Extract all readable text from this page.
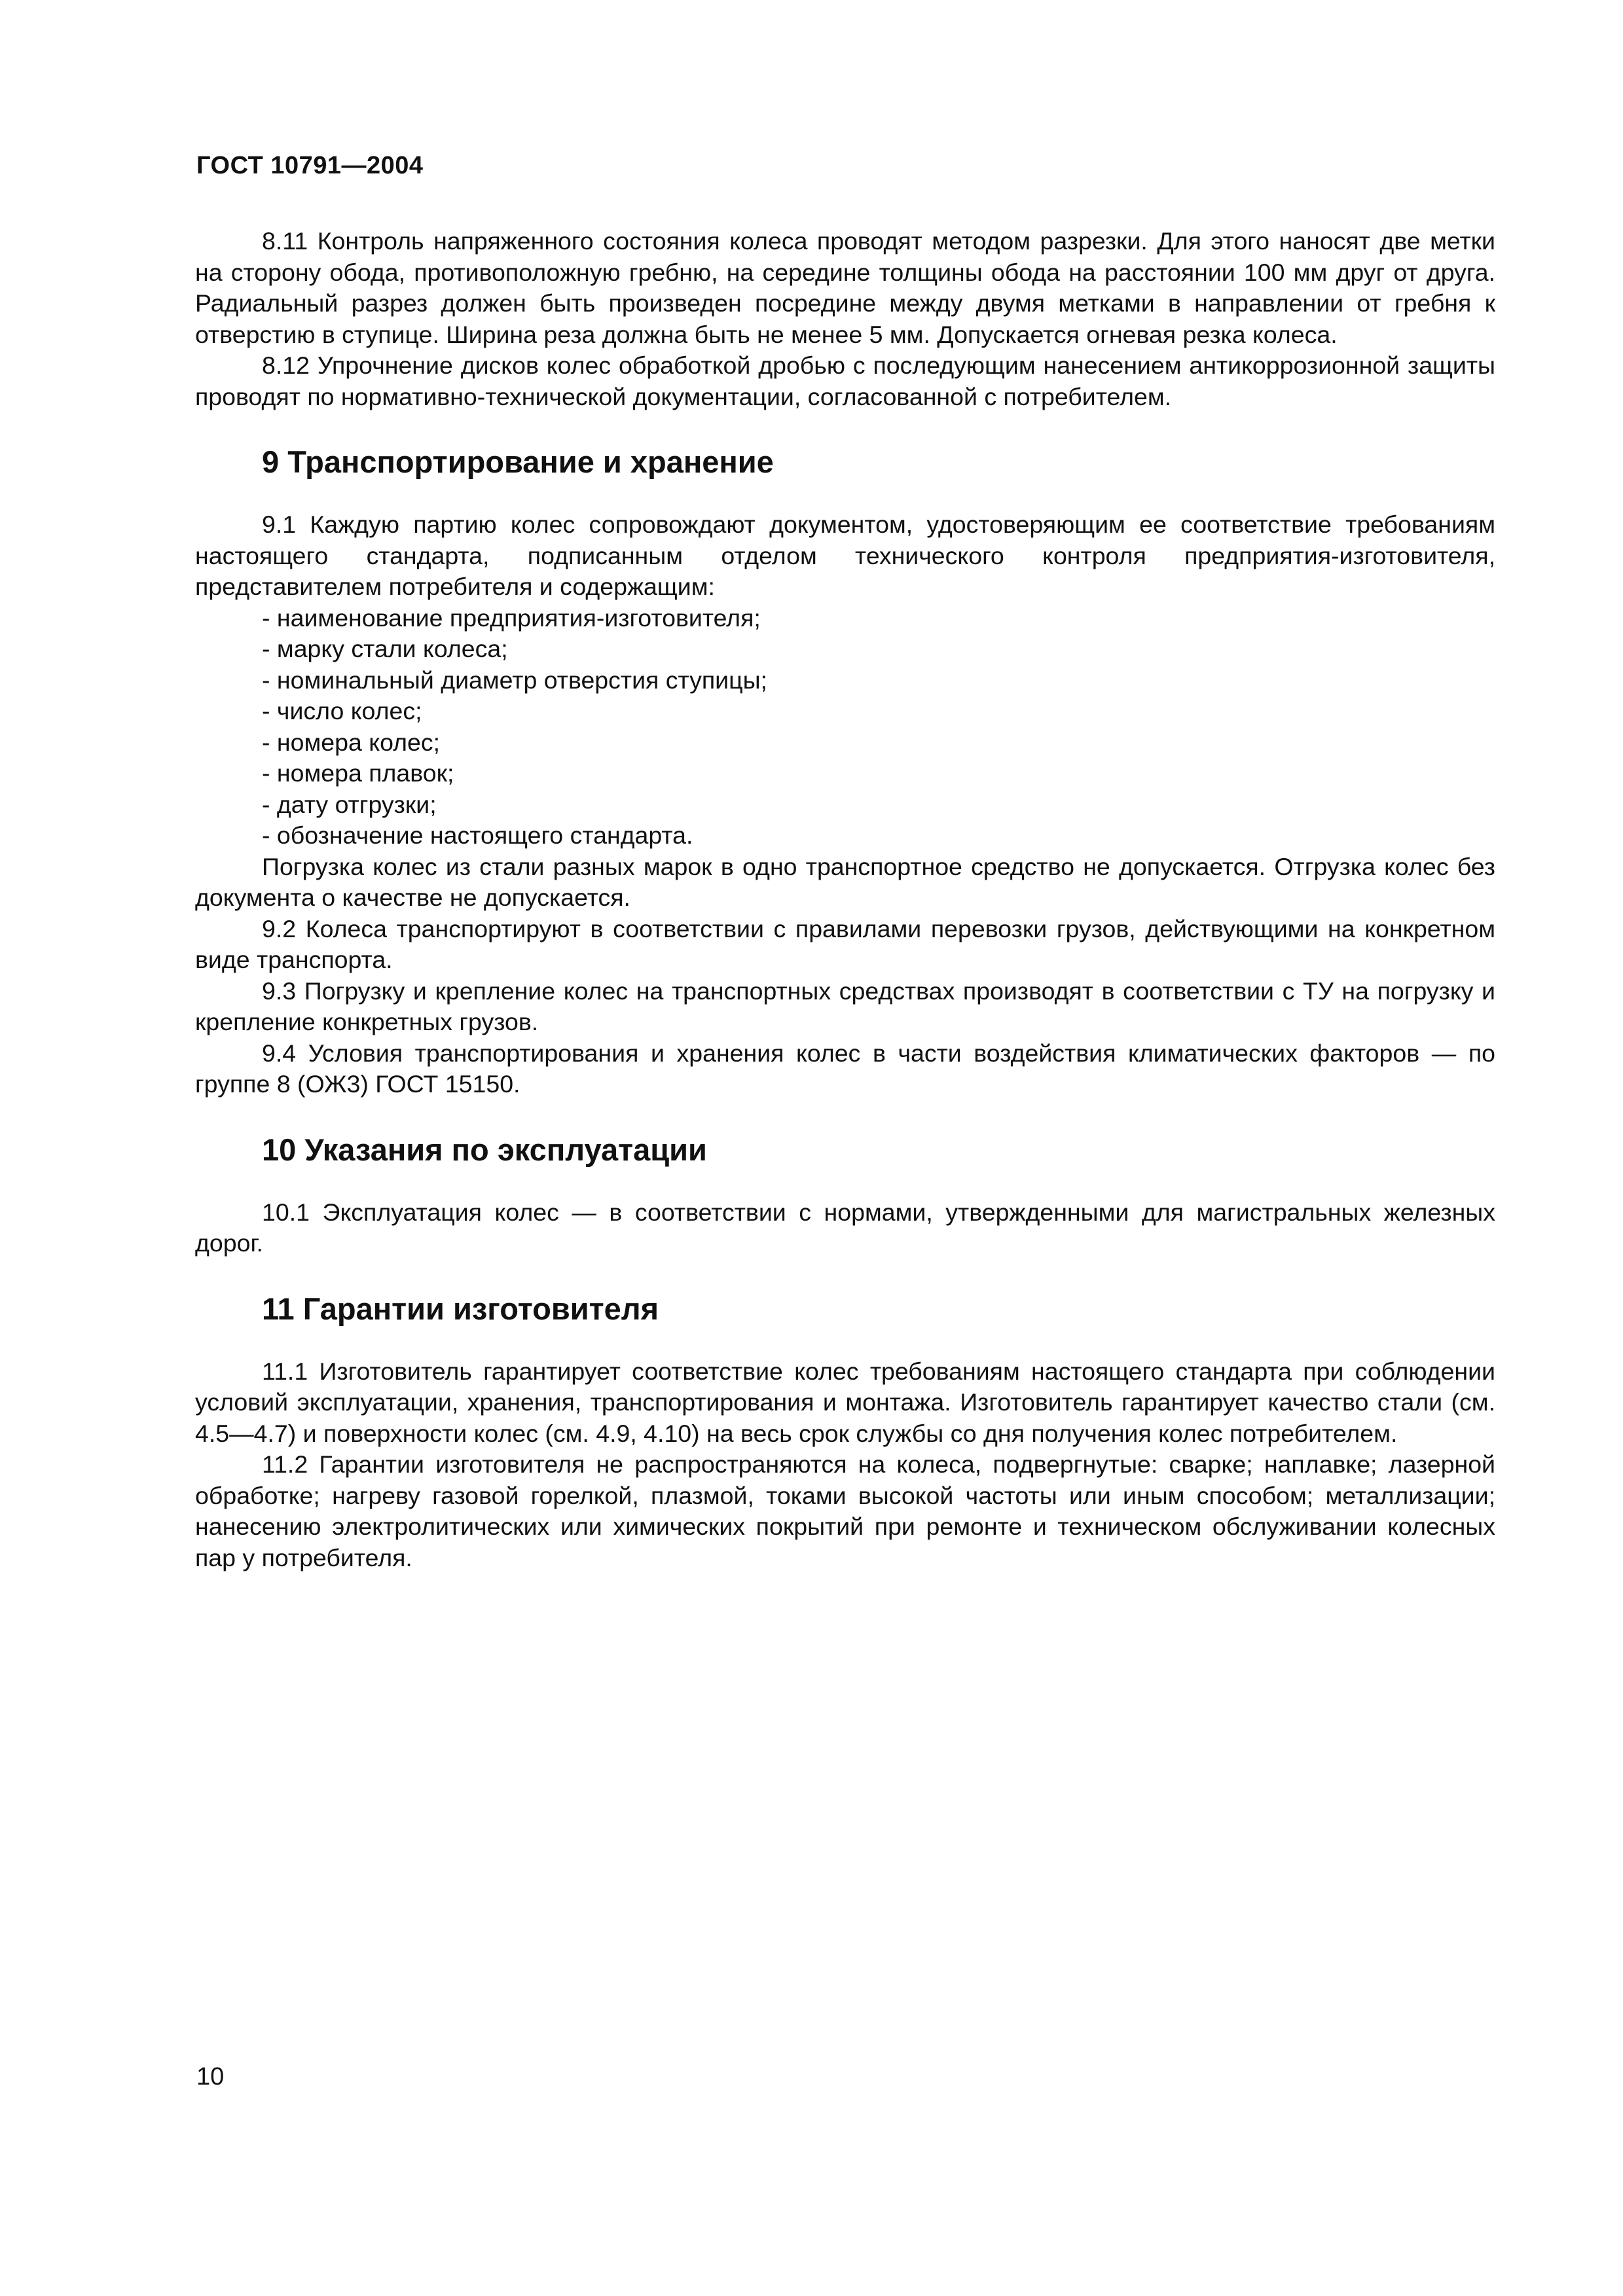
ГОСТ 10791—2004

8.11 Контроль напряженного состояния колеса проводят методом разрезки. Для этого наносят две метки на сторону обода, противоположную гребню, на середине толщины обода на расстоянии 100 мм друг от друга. Радиальный разрез должен быть произведен посредине между двумя метками в направлении от гребня к отверстию в ступице. Ширина реза должна быть не менее 5 мм. Допускается огневая резка колеса.

8.12 Упрочнение дисков колес обработкой дробью с последующим нанесением антикоррозионной защиты проводят по нормативно-технической документации, согласованной с потребителем.

9 Транспортирование и хранение

9.1 Каждую партию колес сопровождают документом, удостоверяющим ее соответствие требованиям настоящего стандарта, подписанным отделом технического контроля предприятия-изготовителя, представителем потребителя и содержащим:

- наименование предприятия-изготовителя;
- марку стали колеса;
- номинальный диаметр отверстия ступицы;
- число колес;
- номера колес;
- номера плавок;
- дату отгрузки;
- обозначение настоящего стандарта.

Погрузка колес из стали разных марок в одно транспортное средство не допускается. Отгрузка колес без документа о качестве не допускается.

9.2 Колеса транспортируют в соответствии с правилами перевозки грузов, действующими на конкретном виде транспорта.

9.3 Погрузку и крепление колес на транспортных средствах производят в соответствии с ТУ на погрузку и крепление конкретных грузов.

9.4 Условия транспортирования и хранения колес в части воздействия климатических факторов — по группе 8 (ОЖ3) ГОСТ 15150.

10 Указания по эксплуатации

10.1 Эксплуатация колес — в соответствии с нормами, утвержденными для магистральных железных дорог.

11 Гарантии изготовителя

11.1 Изготовитель гарантирует соответствие колес требованиям настоящего стандарта при соблюдении условий эксплуатации, хранения, транспортирования и монтажа. Изготовитель гарантирует качество стали (см. 4.5—4.7) и поверхности колес (см. 4.9, 4.10) на весь срок службы со дня получения колес потребителем.

11.2 Гарантии изготовителя не распространяются на колеса, подвергнутые: сварке; наплавке; лазерной обработке; нагреву газовой горелкой, плазмой, токами высокой частоты или иным способом; металлизации; нанесению электролитических или химических покрытий при ремонте и техническом обслуживании колесных пар у потребителя.

10
